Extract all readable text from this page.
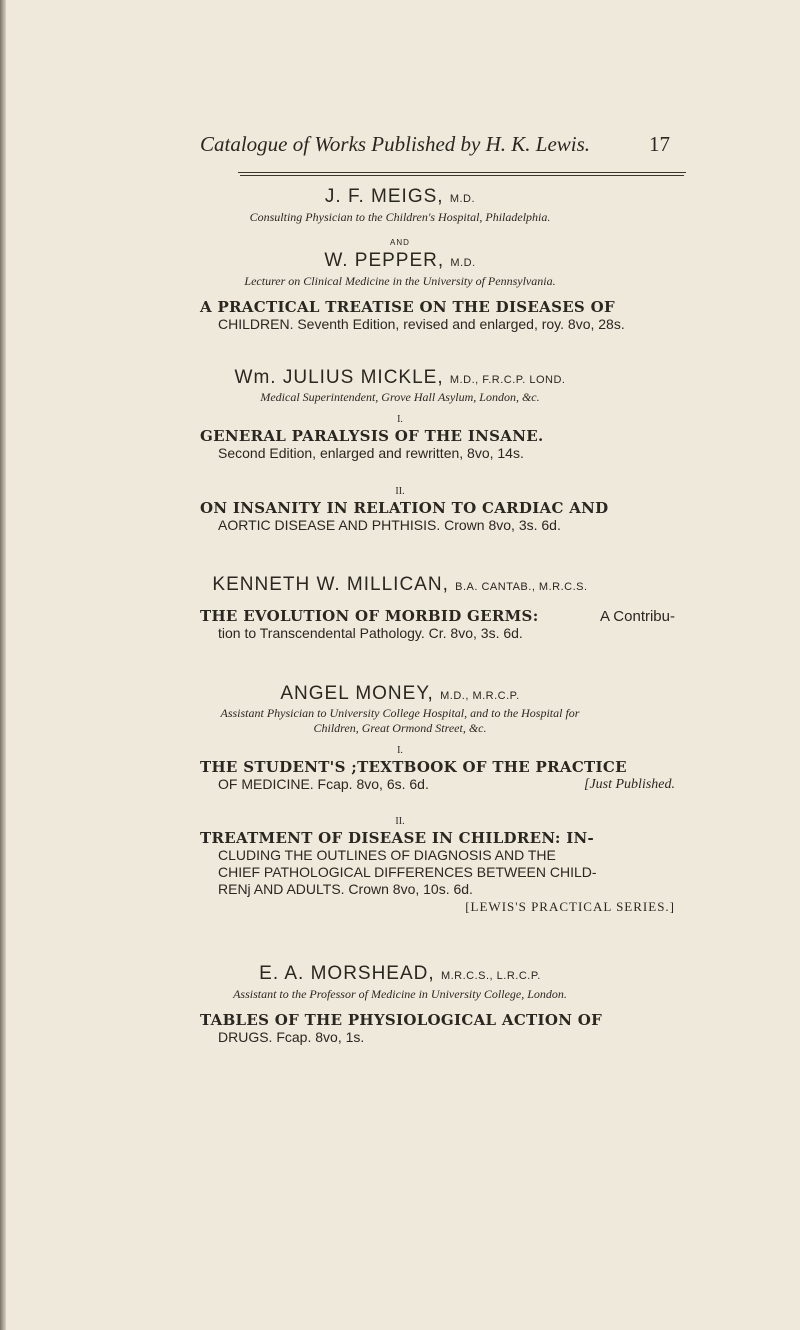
Catalogue of Works Published by H. K. Lewis.	17
J. F. MEIGS, M.D.
Consulting Physician to the Children's Hospital, Philadelphia.
AND
W. PEPPER, M.D.
Lecturer on Clinical Medicine in the University of Pennsylvania.
A PRACTICAL TREATISE ON THE DISEASES OF
CHILDREN. Seventh Edition, revised and enlarged, roy. 8vo, 28s.
Wm. JULIUS MICKLE, M.D., F.R.C.P. LOND.
Medical Superintendent, Grove Hall Asylum, London, &c.
I.
GENERAL PARALYSIS OF THE INSANE.
Second Edition, enlarged and rewritten, 8vo, 14s.
II.
ON INSANITY IN RELATION TO CARDIAC AND
AORTIC DISEASE AND PHTHISIS. Crown 8vo, 3s. 6d.
KENNETH W. MILLICAN, B.A. CANTAB., M.R.C.S.
THE EVOLUTION OF MORBID GERMS:	A Contribu-
tion to Transcendental Pathology. Cr. 8vo, 3s. 6d.
ANGEL MONEY, M.D., M.R.C.P.
Assistant Physician to University College Hospital, and to the Hospital for
Children, Great Ormond Street, &c.
I.
THE STUDENT'S ;TEXTBOOK OF THE PRACTICE
OF MEDICINE. Fcap. 8vo, 6s. 6d.	[Just Published.
II.
TREATMENT OF DISEASE IN CHILDREN: IN-
CLUDING THE OUTLINES OF DIAGNOSIS AND THE
CHIEF PATHOLOGICAL DIFFERENCES BETWEEN CHILD-
RENj AND ADULTS. Crown 8vo, 10s. 6d.
[LEWIS'S PRACTICAL SERIES.]
E. A. MORSHEAD, M.R.C.S., L.R.C.P.
Assistant to the Professor of Medicine in University College, London.
TABLES OF THE PHYSIOLOGICAL ACTION OF
DRUGS. Fcap. 8vo, 1s.
